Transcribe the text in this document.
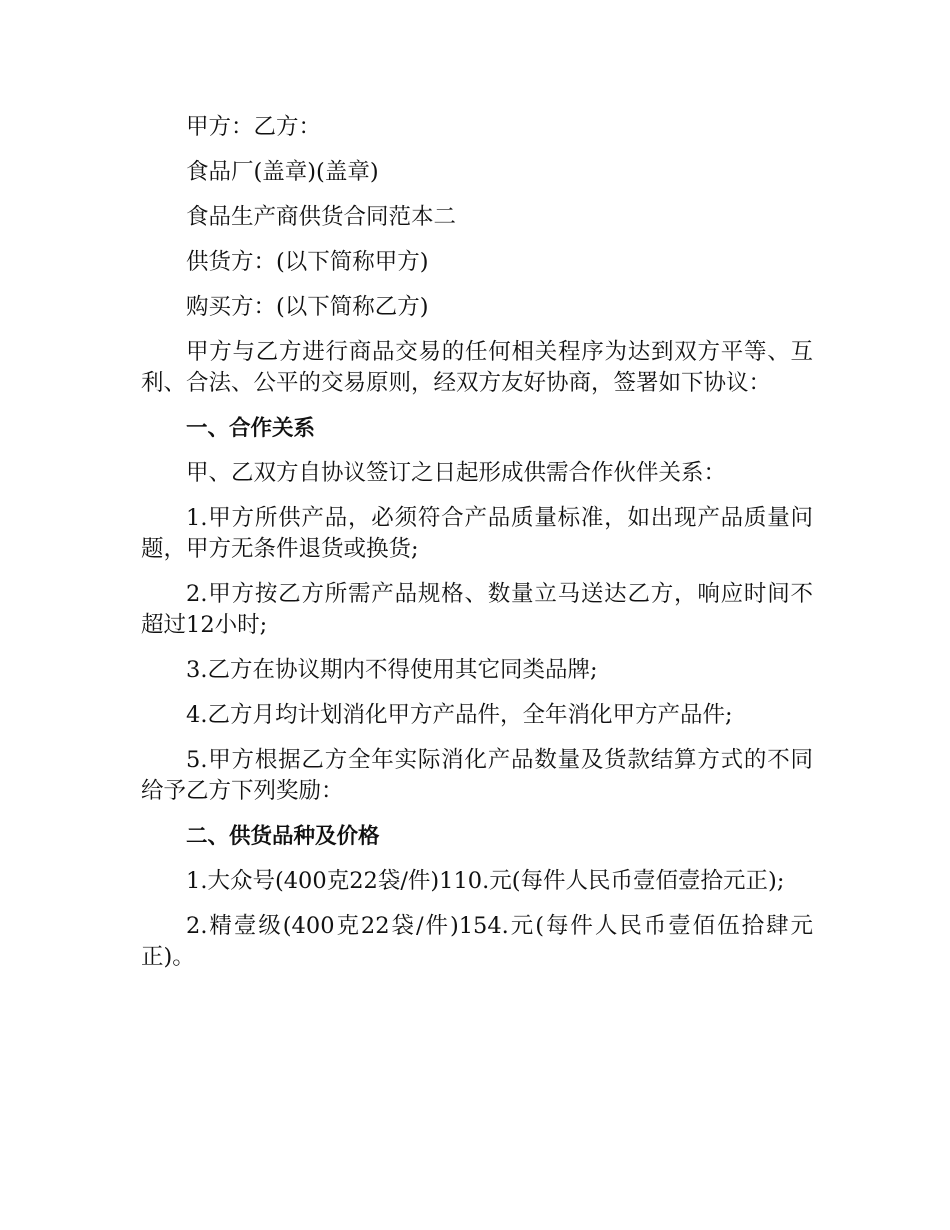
甲方：乙方：

食品厂(盖章)(盖章)

食品生产商供货合同范本二

供货方：(以下简称甲方)

购买方：(以下简称乙方)

甲方与乙方进行商品交易的任何相关程序为达到双方平等、互利、合法、公平的交易原则，经双方友好协商，签署如下协议：

一、合作关系

甲、乙双方自协议签订之日起形成供需合作伙伴关系：

1.甲方所供产品，必须符合产品质量标准，如出现产品质量问题，甲方无条件退货或换货;

2.甲方按乙方所需产品规格、数量立马送达乙方，响应时间不超过12小时;

3.乙方在协议期内不得使用其它同类品牌;

4.乙方月均计划消化甲方产品件，全年消化甲方产品件;

5.甲方根据乙方全年实际消化产品数量及货款结算方式的不同给予乙方下列奖励：

二、供货品种及价格

1.大众号(400克22袋/件)110.元(每件人民币壹佰壹拾元正);

2.精壹级(400克22袋/件)154.元(每件人民币壹佰伍拾肆元正)。
